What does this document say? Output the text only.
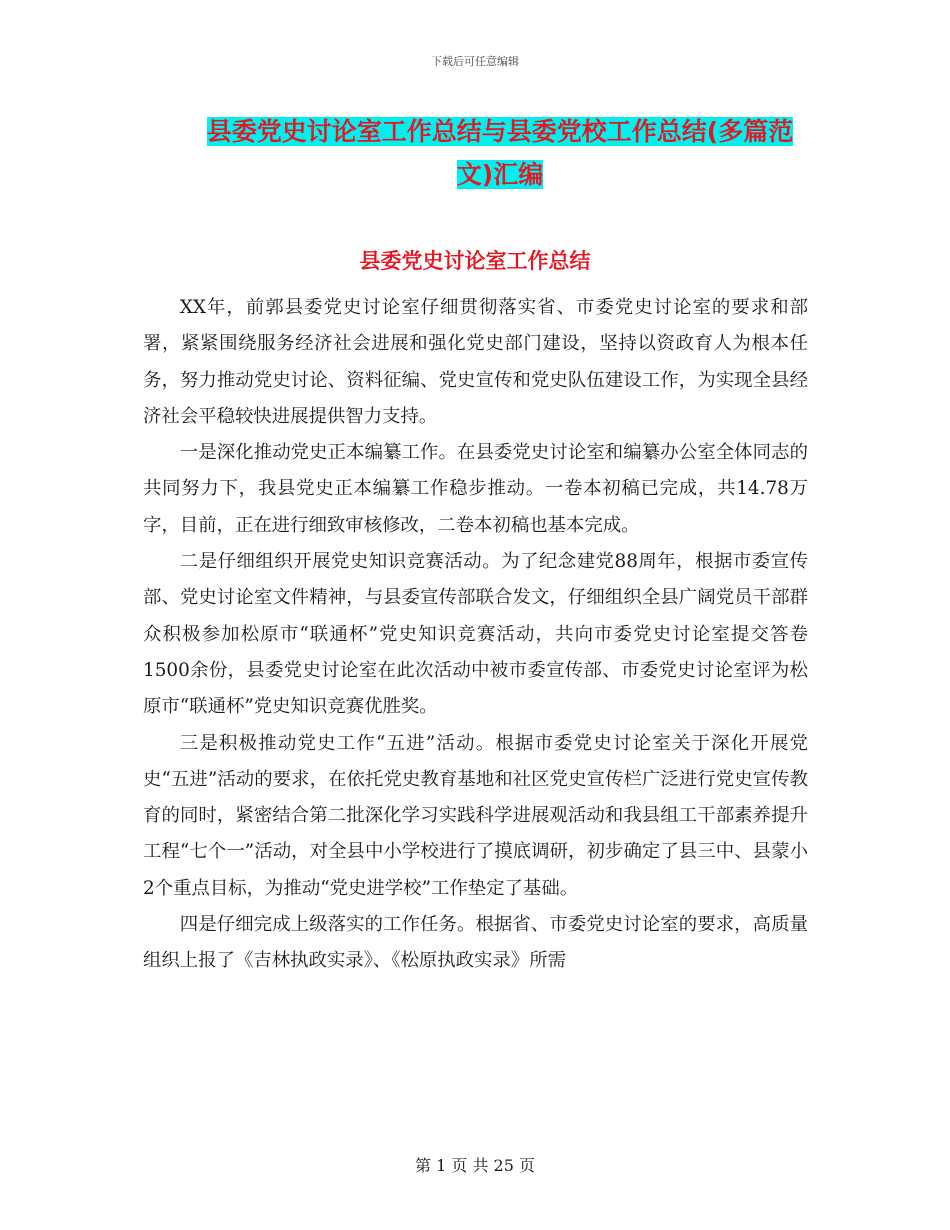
下载后可任意编辑
县委党史讨论室工作总结与县委党校工作总结(多篇范
文)汇编
县委党史讨论室工作总结

XX年，前郭县委党史讨论室仔细贯彻落实省、市委党史讨论室的要求和部署，紧紧围绕服务经济社会进展和强化党史部门建设，坚持以资政育人为根本任务，努力推动党史讨论、资料征编、党史宣传和党史队伍建设工作，为实现全县经济社会平稳较快进展提供智力支持。

一是深化推动党史正本编纂工作。在县委党史讨论室和编纂办公室全体同志的共同努力下，我县党史正本编纂工作稳步推动。一卷本初稿已完成，共14.78万字，目前，正在进行细致审核修改，二卷本初稿也基本完成。

二是仔细组织开展党史知识竞赛活动。为了纪念建党88周年，根据市委宣传部、党史讨论室文件精神，与县委宣传部联合发文，仔细组织全县广阔党员干部群众积极参加松原市“联通杯”党史知识竞赛活动，共向市委党史讨论室提交答卷1500余份，县委党史讨论室在此次活动中被市委宣传部、市委党史讨论室评为松原市“联通杯”党史知识竞赛优胜奖。

三是积极推动党史工作“五进”活动。根据市委党史讨论室关于深化开展党史“五进”活动的要求，在依托党史教育基地和社区党史宣传栏广泛进行党史宣传教育的同时，紧密结合第二批深化学习实践科学进展观活动和我县组工干部素养提升工程“七个一”活动，对全县中小学校进行了摸底调研，初步确定了县三中、县蒙小2个重点目标，为推动“党史进学校”工作垫定了基础。

四是仔细完成上级落实的工作任务。根据省、市委党史讨论室的要求，高质量组织上报了《吉林执政实录》、《松原执政实录》所需

第 1 页 共 25 页
